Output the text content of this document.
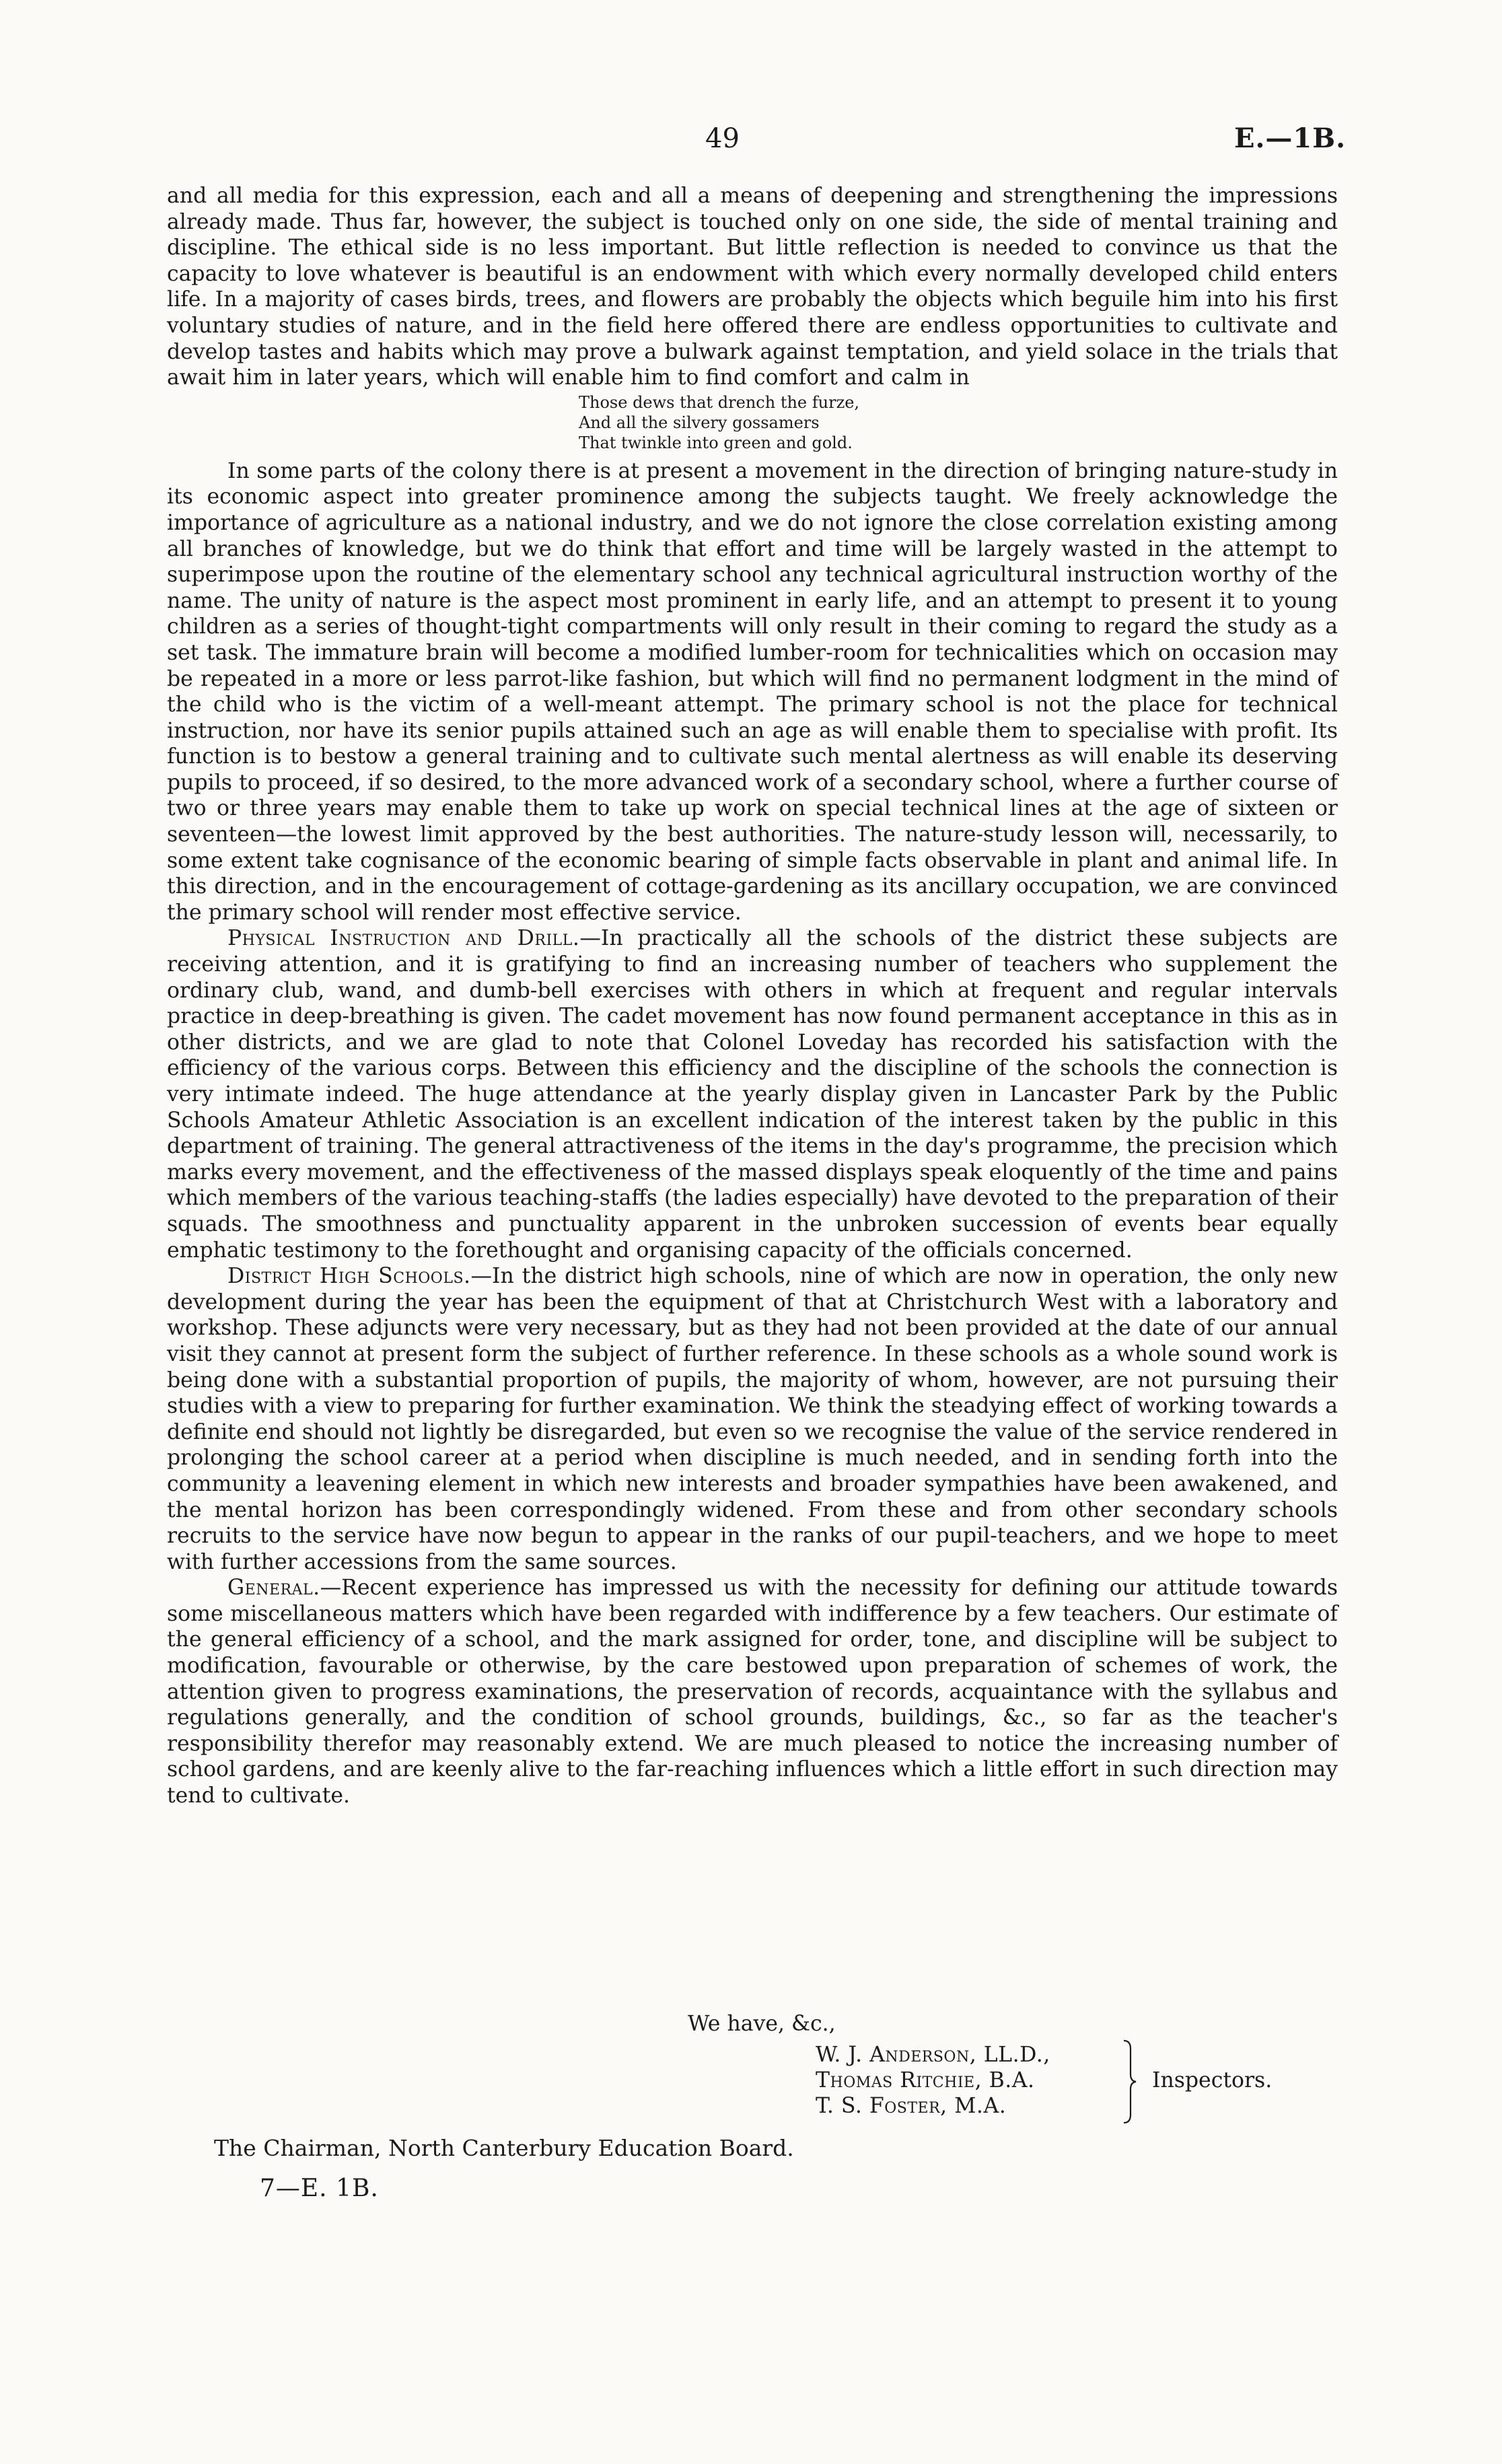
49	E.—1B.

and all media for this expression, each and all a means of deepening and strengthening the impressions already made. Thus far, however, the subject is touched only on one side, the side of mental training and discipline. The ethical side is no less important. But little reflection is needed to convince us that the capacity to love whatever is beautiful is an endowment with which every normally developed child enters life. In a majority of cases birds, trees, and flowers are probably the objects which beguile him into his first voluntary studies of nature, and in the field here offered there are endless opportunities to cultivate and develop tastes and habits which may prove a bulwark against temptation, and yield solace in the trials that await him in later years, which will enable him to find comfort and calm in

Those dews that drench the furze,
And all the silvery gossamers
That twinkle into green and gold.

In some parts of the colony there is at present a movement in the direction of bringing nature-study in its economic aspect into greater prominence among the subjects taught. We freely acknowledge the importance of agriculture as a national industry, and we do not ignore the close correlation existing among all branches of knowledge, but we do think that effort and time will be largely wasted in the attempt to superimpose upon the routine of the elementary school any technical agricultural instruction worthy of the name. The unity of nature is the aspect most prominent in early life, and an attempt to present it to young children as a series of thought-tight compartments will only result in their coming to regard the study as a set task. The immature brain will become a modified lumber-room for technicalities which on occasion may be repeated in a more or less parrot-like fashion, but which will find no permanent lodgment in the mind of the child who is the victim of a well-meant attempt. The primary school is not the place for technical instruction, nor have its senior pupils attained such an age as will enable them to specialise with profit. Its function is to bestow a general training and to cultivate such mental alertness as will enable its deserving pupils to proceed, if so desired, to the more advanced work of a secondary school, where a further course of two or three years may enable them to take up work on special technical lines at the age of sixteen or seventeen—the lowest limit approved by the best authorities. The nature-study lesson will, necessarily, to some extent take cognisance of the economic bearing of simple facts observable in plant and animal life. In this direction, and in the encouragement of cottage-gardening as its ancillary occupation, we are convinced the primary school will render most effective service.

Physical Instruction and Drill.—In practically all the schools of the district these subjects are receiving attention, and it is gratifying to find an increasing number of teachers who supplement the ordinary club, wand, and dumb-bell exercises with others in which at frequent and regular intervals practice in deep-breathing is given. The cadet movement has now found permanent acceptance in this as in other districts, and we are glad to note that Colonel Loveday has recorded his satisfaction with the efficiency of the various corps. Between this efficiency and the discipline of the schools the connection is very intimate indeed. The huge attendance at the yearly display given in Lancaster Park by the Public Schools Amateur Athletic Association is an excellent indication of the interest taken by the public in this department of training. The general attractiveness of the items in the day's programme, the precision which marks every movement, and the effectiveness of the massed displays speak eloquently of the time and pains which members of the various teaching-staffs (the ladies especially) have devoted to the preparation of their squads. The smoothness and punctuality apparent in the unbroken succession of events bear equally emphatic testimony to the forethought and organising capacity of the officials concerned.

District High Schools.—In the district high schools, nine of which are now in operation, the only new development during the year has been the equipment of that at Christchurch West with a laboratory and workshop. These adjuncts were very necessary, but as they had not been provided at the date of our annual visit they cannot at present form the subject of further reference. In these schools as a whole sound work is being done with a substantial proportion of pupils, the majority of whom, however, are not pursuing their studies with a view to preparing for further examination. We think the steadying effect of working towards a definite end should not lightly be disregarded, but even so we recognise the value of the service rendered in prolonging the school career at a period when discipline is much needed, and in sending forth into the community a leavening element in which new interests and broader sympathies have been awakened, and the mental horizon has been correspondingly widened. From these and from other secondary schools recruits to the service have now begun to appear in the ranks of our pupil-teachers, and we hope to meet with further accessions from the same sources.

General.—Recent experience has impressed us with the necessity for defining our attitude towards some miscellaneous matters which have been regarded with indifference by a few teachers. Our estimate of the general efficiency of a school, and the mark assigned for order, tone, and discipline will be subject to modification, favourable or otherwise, by the care bestowed upon preparation of schemes of work, the attention given to progress examinations, the preservation of records, acquaintance with the syllabus and regulations generally, and the condition of school grounds, buildings, &c., so far as the teacher's responsibility therefor may reasonably extend. We are much pleased to notice the increasing number of school gardens, and are keenly alive to the far-reaching influences which a little effort in such direction may tend to cultivate.

We have, &c.,
W. J. Anderson, LL.D.,
Thomas Ritchie, B.A.
T. S. Foster, M.A.
Inspectors.
The Chairman, North Canterbury Education Board.
7—E. 1B.
